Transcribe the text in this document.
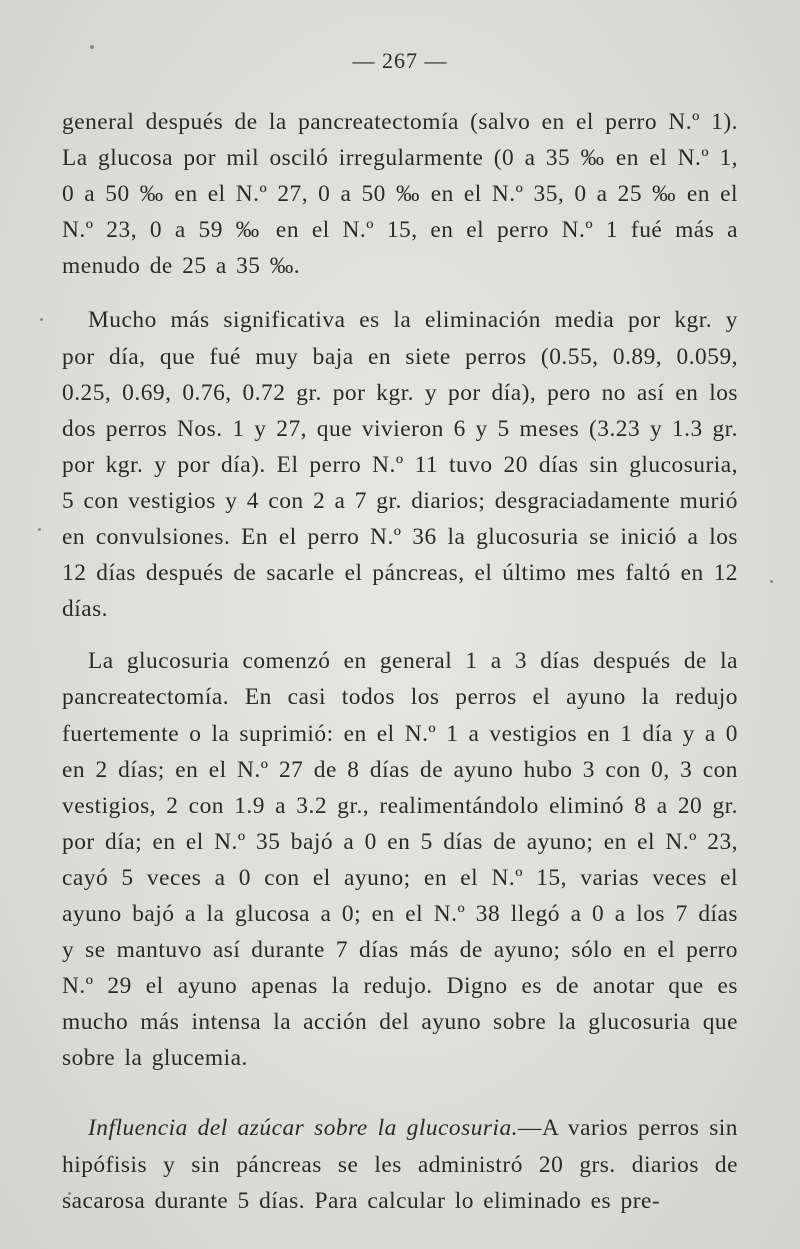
— 267 —

general después de la pancreatectomía (salvo en el perro N.º 1). La glucosa por mil osciló irregularmente (0 a 35 ‰ en el N.º 1, 0 a 50 ‰ en el N.º 27, 0 a 50 ‰ en el N.º 35, 0 a 25 ‰ en el N.º 23, 0 a 59 ‰ en el N.º 15, en el perro N.º 1 fué más a menudo de 25 a 35 ‰.

Mucho más significativa es la eliminación media por kgr. y por día, que fué muy baja en siete perros (0.55, 0.89, 0.059, 0.25, 0.69, 0.76, 0.72 gr. por kgr. y por día), pero no así en los dos perros Nos. 1 y 27, que vivieron 6 y 5 meses (3.23 y 1.3 gr. por kgr. y por día). El perro N.º 11 tuvo 20 días sin glucosuria, 5 con vestigios y 4 con 2 a 7 gr. diarios; desgraciadamente murió en convulsiones. En el perro N.º 36 la glucosuria se inició a los 12 días después de sacarle el páncreas, el último mes faltó en 12 días.

La glucosuria comenzó en general 1 a 3 días después de la pancreatectomía. En casi todos los perros el ayuno la redujo fuertemente o la suprimió: en el N.º 1 a vestigios en 1 día y a 0 en 2 días; en el N.º 27 de 8 días de ayuno hubo 3 con 0, 3 con vestigios, 2 con 1.9 a 3.2 gr., realimentándolo eliminó 8 a 20 gr. por día; en el N.º 35 bajó a 0 en 5 días de ayuno; en el N.º 23, cayó 5 veces a 0 con el ayuno; en el N.º 15, varias veces el ayuno bajó a la glucosa a 0; en el N.º 38 llegó a 0 a los 7 días y se mantuvo así durante 7 días más de ayuno; sólo en el perro N.º 29 el ayuno apenas la redujo. Digno es de anotar que es mucho más intensa la acción del ayuno sobre la glucosuria que sobre la glucemia.

Influencia del azúcar sobre la glucosuria.—A varios perros sin hipófisis y sin páncreas se les administró 20 grs. diarios de sacarosa durante 5 días. Para calcular lo eliminado es pre-
